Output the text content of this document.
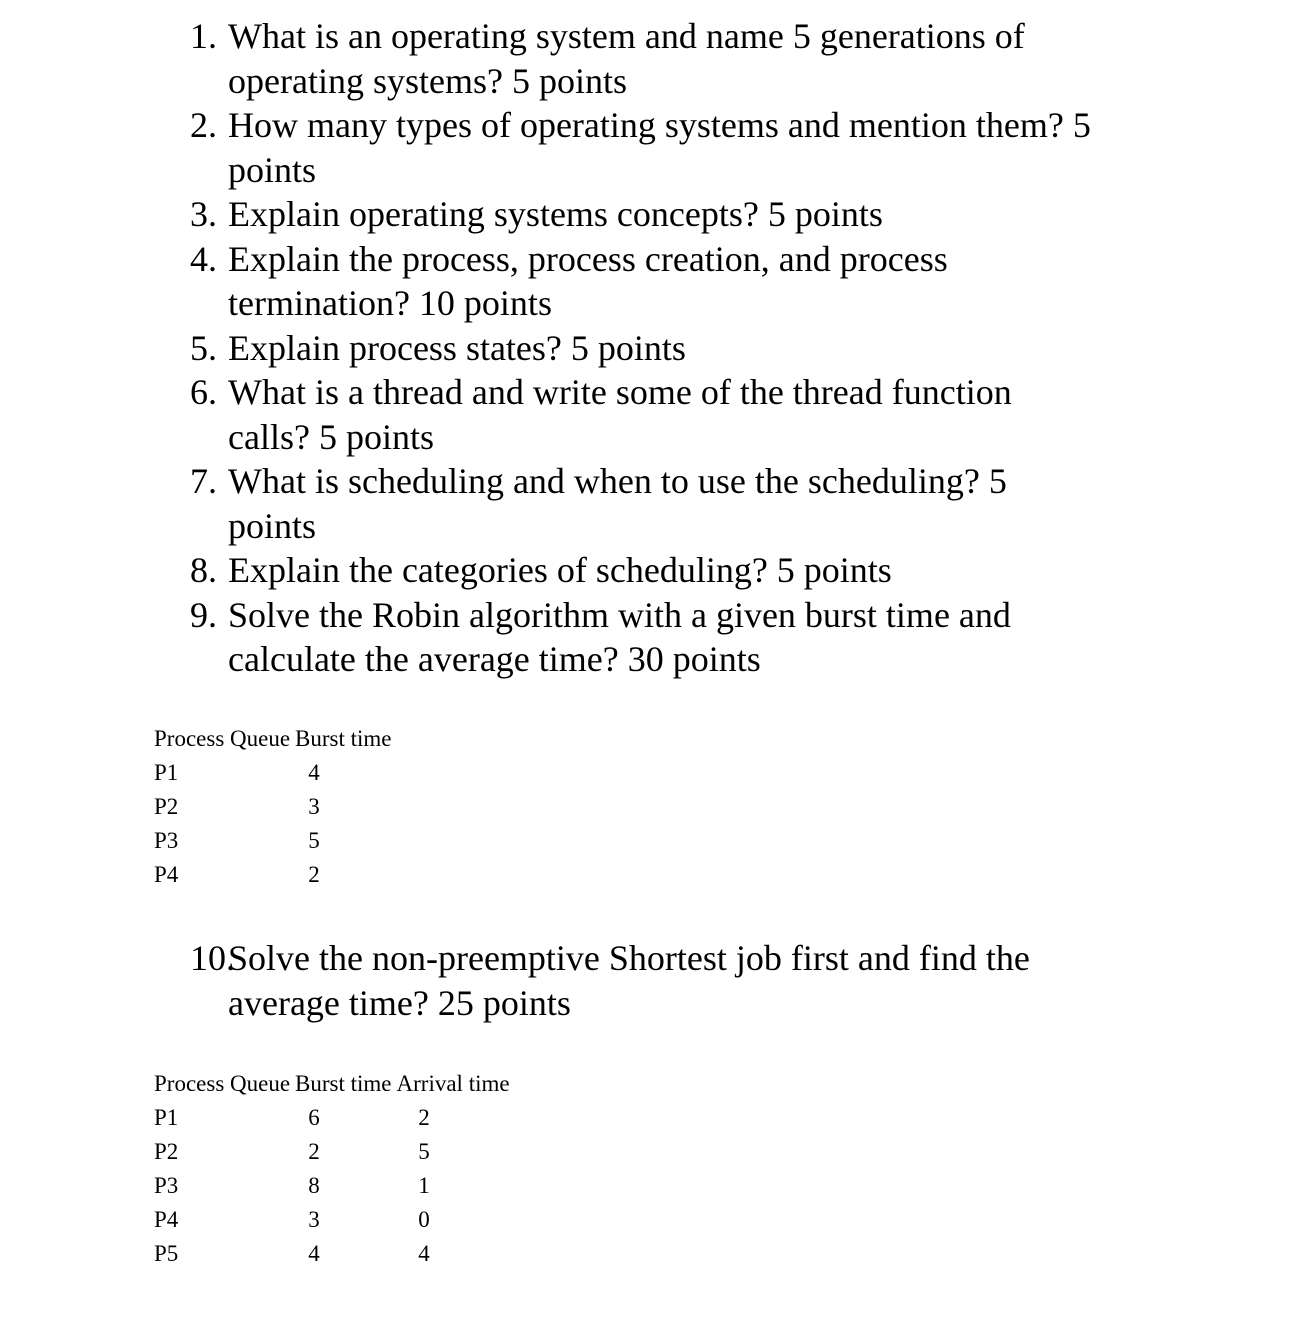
1. What is an operating system and name 5 generations of operating systems? 5 points
2. How many types of operating systems and mention them? 5 points
3. Explain operating systems concepts? 5 points
4. Explain the process, process creation, and process termination? 10 points
5. Explain process states? 5 points
6. What is a thread and write some of the thread function calls? 5 points
7. What is scheduling and when to use the scheduling? 5 points
8. Explain the categories of scheduling? 5 points
9. Solve the Robin algorithm with a given burst time and calculate the average time? 30 points
Process Queue Burst time
P1	4
P2	3
P3	5
P4	2
10.
Solve the non-preemptive Shortest job first and find the average time? 25 points
Process Queue Burst time Arrival time
P1	6	2
P2	2	5
P3	8	1
P4	3	0
P5	4	4
